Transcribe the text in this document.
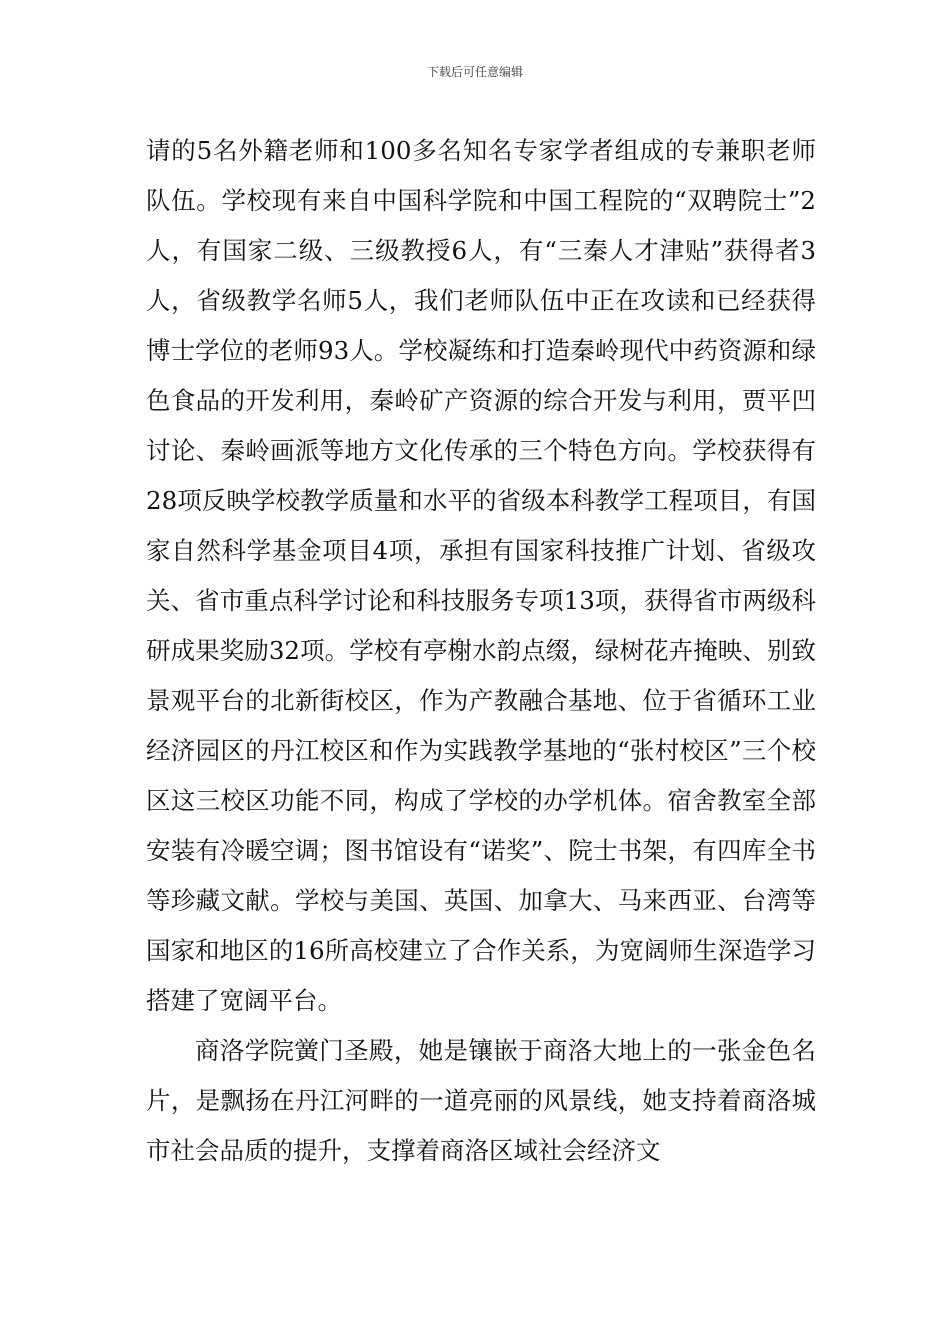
下载后可任意编辑

请的5名外籍老师和100多名知名专家学者组成的专兼职老师队伍。学校现有来自中国科学院和中国工程院的“双聘院士”2人，有国家二级、三级教授6人，有“三秦人才津贴”获得者3人，省级教学名师5人，我们老师队伍中正在攻读和已经获得博士学位的老师93人。学校凝练和打造秦岭现代中药资源和绿色食品的开发利用，秦岭矿产资源的综合开发与利用，贾平凹讨论、秦岭画派等地方文化传承的三个特色方向。学校获得有28项反映学校教学质量和水平的省级本科教学工程项目，有国家自然科学基金项目4项，承担有国家科技推广计划、省级攻关、省市重点科学讨论和科技服务专项13项，获得省市两级科研成果奖励32项。学校有亭榭水韵点缀，绿树花卉掩映、别致景观平台的北新街校区，作为产教融合基地、位于省循环工业经济园区的丹江校区和作为实践教学基地的“张村校区”三个校区这三校区功能不同，构成了学校的办学机体。宿舍教室全部安装有冷暖空调；图书馆设有“诺奖”、院士书架，有四库全书等珍藏文献。学校与美国、英国、加拿大、马来西亚、台湾等国家和地区的16所高校建立了合作关系，为宽阔师生深造学习搭建了宽阔平台。

商洛学院黉门圣殿，她是镶嵌于商洛大地上的一张金色名片，是飘扬在丹江河畔的一道亮丽的风景线，她支持着商洛城市社会品质的提升，支撑着商洛区域社会经济文
